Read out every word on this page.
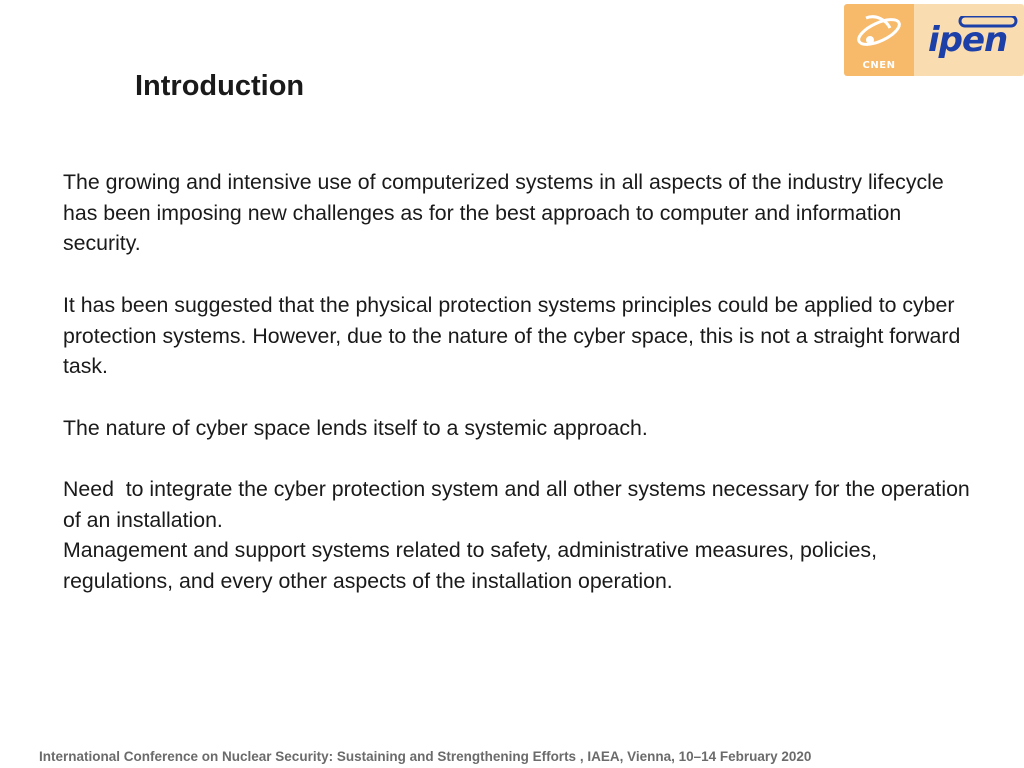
cnen
ipen
Introduction

The growing and intensive use of computerized systems in all aspects of the industry lifecycle has been imposing new challenges as for the best approach to computer and information security.

It has been suggested that the physical protection systems principles could be applied to cyber protection systems. However, due to the nature of the cyber space, this is not a straight forward task.

The nature of cyber space lends itself to a systemic approach.

Need  to integrate the cyber protection system and all other systems necessary for the operation of an installation.

Management and support systems related to safety, administrative measures, policies, regulations, and every other aspects of the installation operation.

International Conference on Nuclear Security: Sustaining and Strengthening Efforts , IAEA, Vienna, 10–14 February 2020
